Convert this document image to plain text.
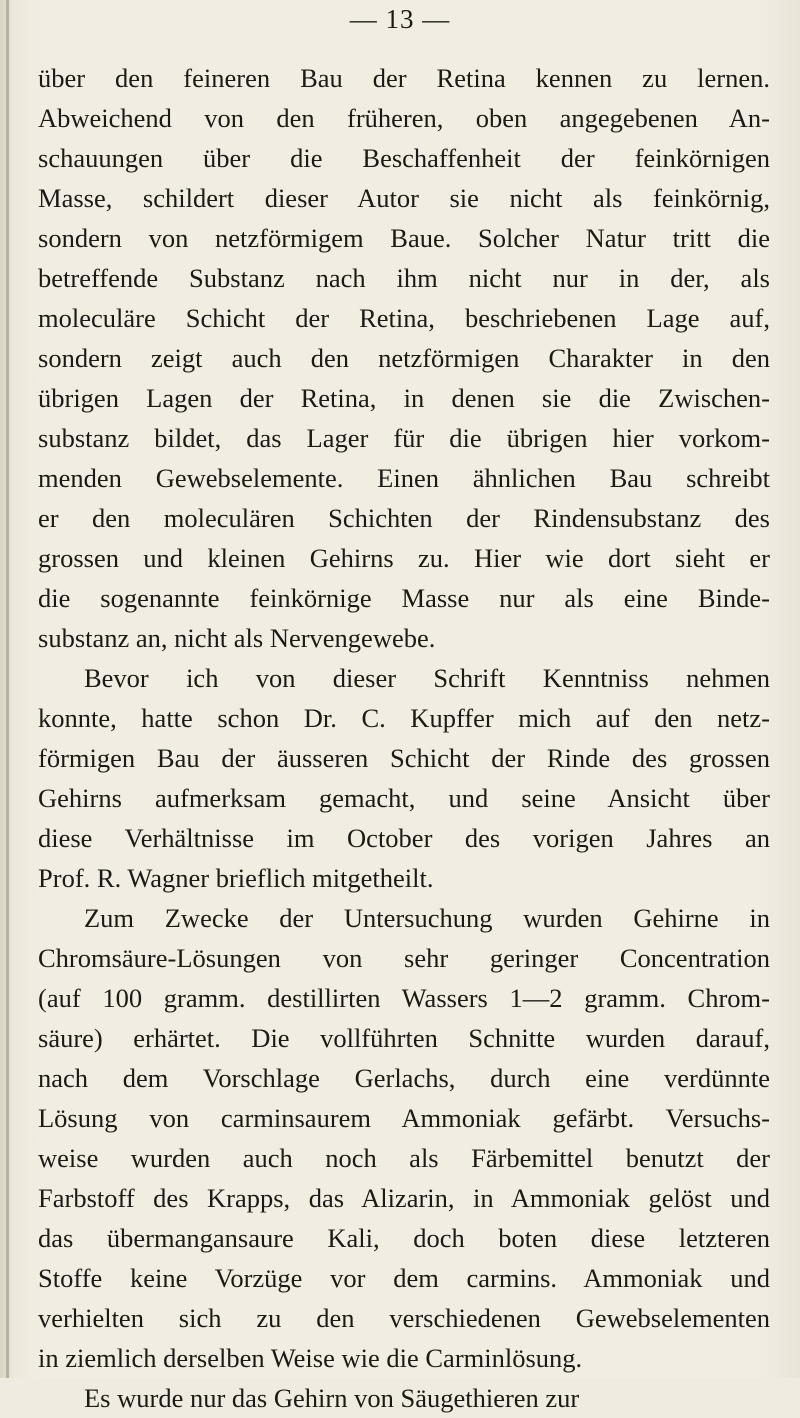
— 13 —
über den feineren Bau der Retina kennen zu lernen.
Abweichend von den früheren, oben angegebenen An-
schauungen über die Beschaffenheit der feinkörnigen
Masse, schildert dieser Autor sie nicht als feinkörnig,
sondern von netzförmigem Baue. Solcher Natur tritt die
betreffende Substanz nach ihm nicht nur in der, als
moleculäre Schicht der Retina, beschriebenen Lage auf,
sondern zeigt auch den netzförmigen Charakter in den
übrigen Lagen der Retina, in denen sie die Zwischen-
substanz bildet, das Lager für die übrigen hier vorkom-
menden Gewebselemente. Einen ähnlichen Bau schreibt
er den moleculären Schichten der Rindensubstanz des
grossen und kleinen Gehirns zu. Hier wie dort sieht er
die sogenannte feinkörnige Masse nur als eine Binde-
substanz an, nicht als Nervengewebe.
Bevor ich von dieser Schrift Kenntniss nehmen
konnte, hatte schon Dr. C. Kupffer mich auf den netz-
förmigen Bau der äusseren Schicht der Rinde des grossen
Gehirns aufmerksam gemacht, und seine Ansicht über
diese Verhältnisse im October des vorigen Jahres an
Prof. R. Wagner brieflich mitgetheilt.
Zum Zwecke der Untersuchung wurden Gehirne in
Chromsäure-Lösungen von sehr geringer Concentration
(auf 100 gramm. destillirten Wassers 1—2 gramm. Chrom-
säure) erhärtet. Die vollführten Schnitte wurden darauf,
nach dem Vorschlage Gerlachs, durch eine verdünnte
Lösung von carminsaurem Ammoniak gefärbt. Versuchs-
weise wurden auch noch als Färbemittel benutzt der
Farbstoff des Krapps, das Alizarin, in Ammoniak gelöst und
das übermangansaure Kali, doch boten diese letzteren
Stoffe keine Vorzüge vor dem carmins. Ammoniak und
verhielten sich zu den verschiedenen Gewebselementen
in ziemlich derselben Weise wie die Carminlösung.
Es wurde nur das Gehirn von Säugethieren zur
